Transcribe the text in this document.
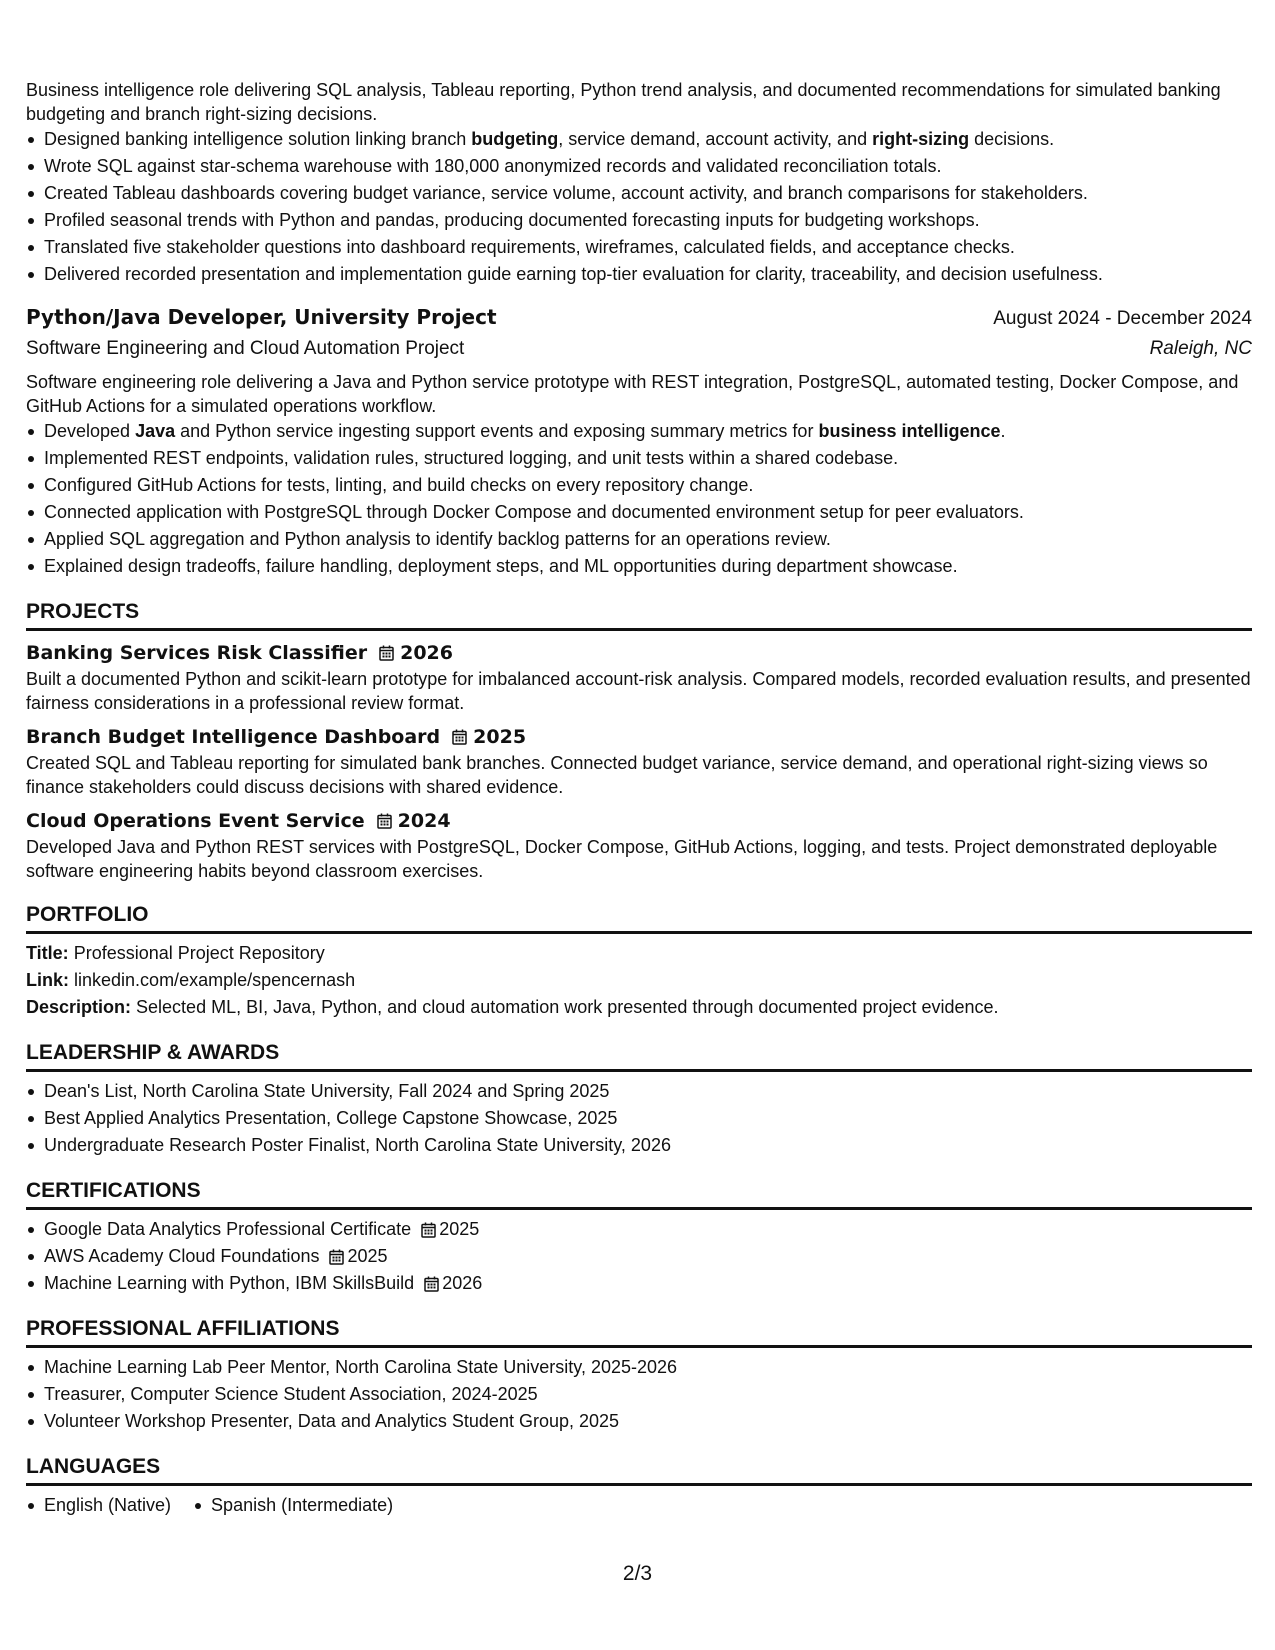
Business intelligence role delivering SQL analysis, Tableau reporting, Python trend analysis, and documented recommendations for simulated banking budgeting and branch right-sizing decisions.

Designed banking intelligence solution linking branch budgeting, service demand, account activity, and right-sizing decisions.
Wrote SQL against star-schema warehouse with 180,000 anonymized records and validated reconciliation totals.
Created Tableau dashboards covering budget variance, service volume, account activity, and branch comparisons for stakeholders.
Profiled seasonal trends with Python and pandas, producing documented forecasting inputs for budgeting workshops.
Translated five stakeholder questions into dashboard requirements, wireframes, calculated fields, and acceptance checks.
Delivered recorded presentation and implementation guide earning top-tier evaluation for clarity, traceability, and decision usefulness.
Python/Java Developer, University Project	August 2024 - December 2024
Software Engineering and Cloud Automation Project	Raleigh, NC

Software engineering role delivering a Java and Python service prototype with REST integration, PostgreSQL, automated testing, Docker Compose, and GitHub Actions for a simulated operations workflow.

Developed Java and Python service ingesting support events and exposing summary metrics for business intelligence.
Implemented REST endpoints, validation rules, structured logging, and unit tests within a shared codebase.
Configured GitHub Actions for tests, linting, and build checks on every repository change.
Connected application with PostgreSQL through Docker Compose and documented environment setup for peer evaluators.
Applied SQL aggregation and Python analysis to identify backlog patterns for an operations review.
Explained design tradeoffs, failure handling, deployment steps, and ML opportunities during department showcase.
PROJECTS
Banking Services Risk Classifier 2026

Built a documented Python and scikit-learn prototype for imbalanced account-risk analysis. Compared models, recorded evaluation results, and presented fairness considerations in a professional review format.

Branch Budget Intelligence Dashboard 2025

Created SQL and Tableau reporting for simulated bank branches. Connected budget variance, service demand, and operational right-sizing views so finance stakeholders could discuss decisions with shared evidence.

Cloud Operations Event Service 2024

Developed Java and Python REST services with PostgreSQL, Docker Compose, GitHub Actions, logging, and tests. Project demonstrated deployable software engineering habits beyond classroom exercises.

PORTFOLIO
Title: Professional Project Repository
Link: linkedin.com/example/spencernash
Description: Selected ML, BI, Java, Python, and cloud automation work presented through documented project evidence.
LEADERSHIP & AWARDS
Dean's List, North Carolina State University, Fall 2024 and Spring 2025
Best Applied Analytics Presentation, College Capstone Showcase, 2025
Undergraduate Research Poster Finalist, North Carolina State University, 2026
CERTIFICATIONS
Google Data Analytics Professional Certificate 2025
AWS Academy Cloud Foundations 2025
Machine Learning with Python, IBM SkillsBuild 2026
PROFESSIONAL AFFILIATIONS
Machine Learning Lab Peer Mentor, North Carolina State University, 2025-2026
Treasurer, Computer Science Student Association, 2024-2025
Volunteer Workshop Presenter, Data and Analytics Student Group, 2025
LANGUAGES
English (Native)	Spanish (Intermediate)
2/3
